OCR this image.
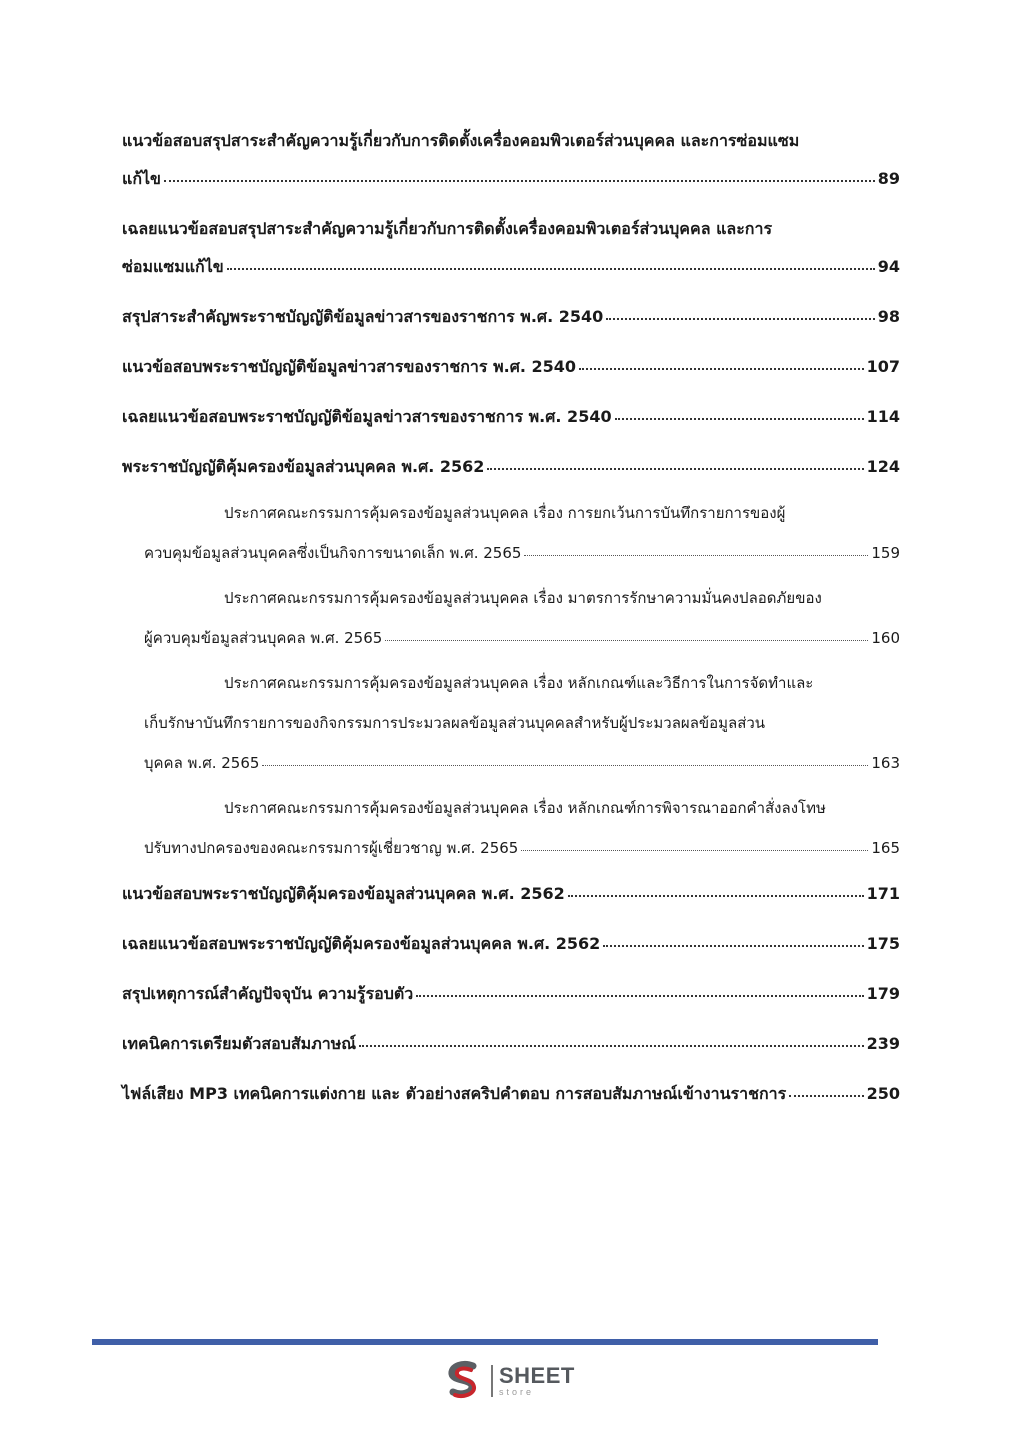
แนวข้อสอบสรุปสาระสำคัญความรู้เกี่ยวกับการติดตั้งเครื่องคอมพิวเตอร์ส่วนบุคคล และการซ่อมแซม
แก้ไข	89
เฉลยแนวข้อสอบสรุปสาระสำคัญความรู้เกี่ยวกับการติดตั้งเครื่องคอมพิวเตอร์ส่วนบุคคล และการ
ซ่อมแซมแก้ไข	94
สรุปสาระสำคัญพระราชบัญญัติข้อมูลข่าวสารของราชการ พ.ศ. 2540	98
แนวข้อสอบพระราชบัญญัติข้อมูลข่าวสารของราชการ พ.ศ. 2540	107
เฉลยแนวข้อสอบพระราชบัญญัติข้อมูลข่าวสารของราชการ พ.ศ. 2540	114
พระราชบัญญัติคุ้มครองข้อมูลส่วนบุคคล พ.ศ. 2562	124
ประกาศคณะกรรมการคุ้มครองข้อมูลส่วนบุคคล เรื่อง การยกเว้นการบันทึกรายการของผู้
ควบคุมข้อมูลส่วนบุคคลซึ่งเป็นกิจการขนาดเล็ก พ.ศ. 2565	159
ประกาศคณะกรรมการคุ้มครองข้อมูลส่วนบุคคล เรื่อง มาตรการรักษาความมั่นคงปลอดภัยของ
ผู้ควบคุมข้อมูลส่วนบุคคล พ.ศ. 2565	160
ประกาศคณะกรรมการคุ้มครองข้อมูลส่วนบุคคล เรื่อง หลักเกณฑ์และวิธีการในการจัดทำและ
เก็บรักษาบันทึกรายการของกิจกรรมการประมวลผลข้อมูลส่วนบุคคลสำหรับผู้ประมวลผลข้อมูลส่วน
บุคคล พ.ศ. 2565	163
ประกาศคณะกรรมการคุ้มครองข้อมูลส่วนบุคคล เรื่อง หลักเกณฑ์การพิจารณาออกคำสั่งลงโทษ
ปรับทางปกครองของคณะกรรมการผู้เชี่ยวชาญ พ.ศ. 2565	165
แนวข้อสอบพระราชบัญญัติคุ้มครองข้อมูลส่วนบุคคล พ.ศ. 2562	171
เฉลยแนวข้อสอบพระราชบัญญัติคุ้มครองข้อมูลส่วนบุคคล พ.ศ. 2562	175
สรุปเหตุการณ์สำคัญปัจจุบัน ความรู้รอบตัว	179
เทคนิคการเตรียมตัวสอบสัมภาษณ์	239
ไฟล์เสียง MP3 เทคนิคการแต่งกาย และ ตัวอย่างสคริปคำตอบ การสอบสัมภาษณ์เข้างานราชการ	250
SHEET
store
